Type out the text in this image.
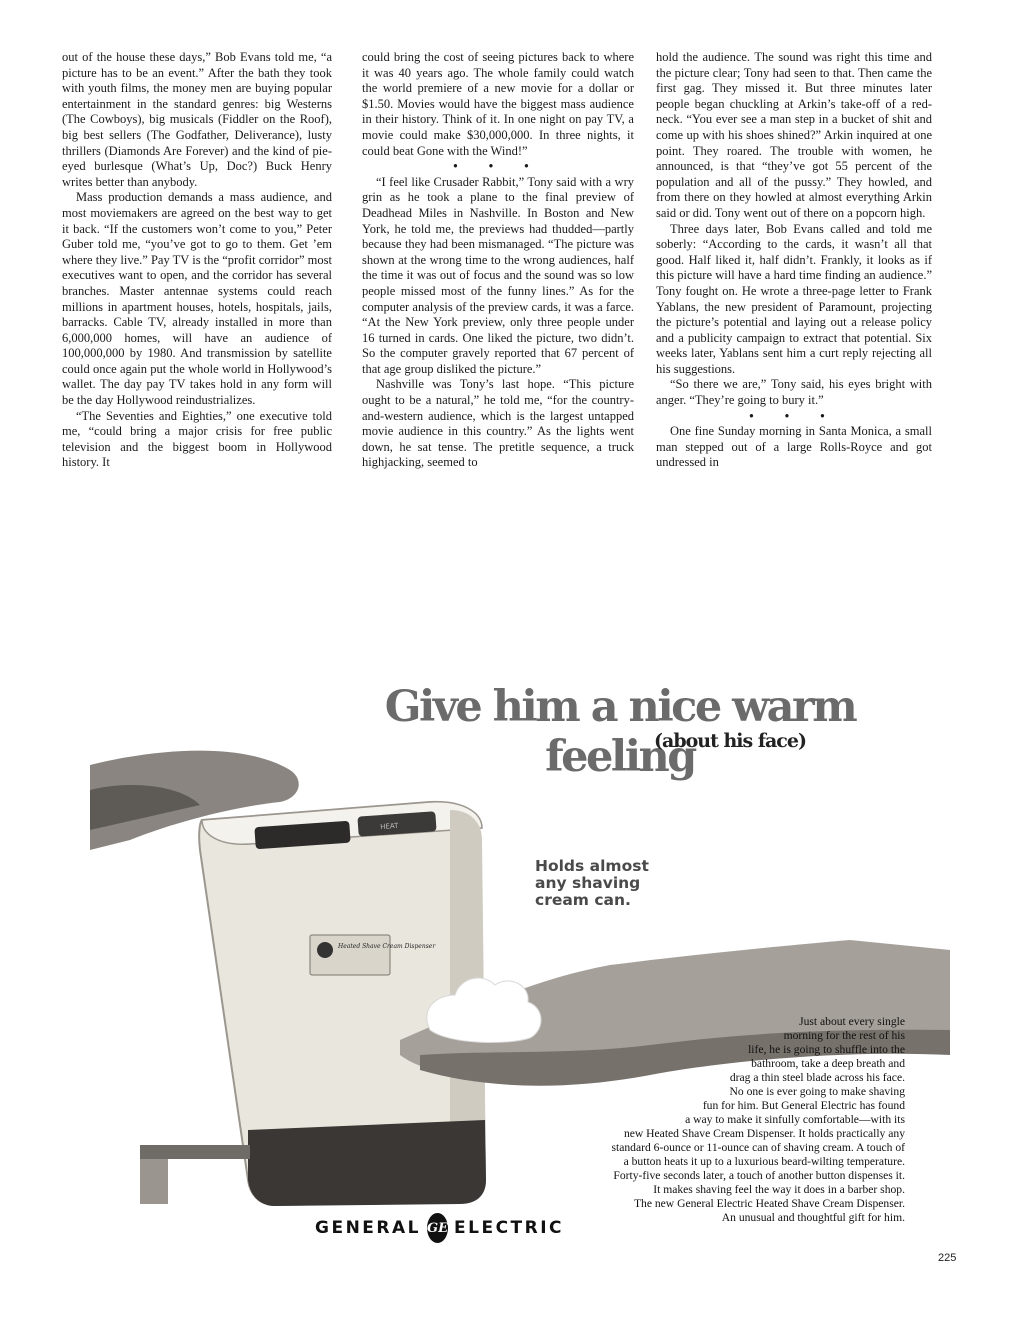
out of the house these days,” Bob Evans told me, “a picture has to be an event.” After the bath they took with youth films, the money men are buying popular entertainment in the standard genres: big Westerns (The Cowboys), big musicals (Fiddler on the Roof), big best sellers (The Godfather, Deliverance), lusty thrillers (Diamonds Are Forever) and the kind of pie-eyed burlesque (What’s Up, Doc?) Buck Henry writes better than anybody.

Mass production demands a mass audience, and most moviemakers are agreed on the best way to get it back. “If the customers won’t come to you,” Peter Guber told me, “you’ve got to go to them. Get ’em where they live.” Pay TV is the “profit corridor” most executives want to open, and the corridor has several branches. Master antennae systems could reach millions in apartment houses, hotels, hospitals, jails, barracks. Cable TV, already installed in more than 6,000,000 homes, will have an audience of 100,000,000 by 1980. And transmission by satellite could once again put the whole world in Hollywood’s wallet. The day pay TV takes hold in any form will be the day Hollywood reindustrializes.

“The Seventies and Eighties,” one executive told me, “could bring a major crisis for free public television and the biggest boom in Hollywood history. It

could bring the cost of seeing pictures back to where it was 40 years ago. The whole family could watch the world premiere of a new movie for a dollar or $1.50. Movies would have the biggest mass audience in their history. Think of it. In one night on pay TV, a movie could make $30,000,000. In three nights, it could beat Gone with the Wind!”

• • •

“I feel like Crusader Rabbit,” Tony said with a wry grin as he took a plane to the final preview of Deadhead Miles in Nashville. In Boston and New York, he told me, the previews had thudded—partly because they had been mismanaged. “The picture was shown at the wrong time to the wrong audiences, half the time it was out of focus and the sound was so low people missed most of the funny lines.” As for the computer analysis of the preview cards, it was a farce. “At the New York preview, only three people under 16 turned in cards. One liked the picture, two didn’t. So the computer gravely reported that 67 percent of that age group disliked the picture.”

Nashville was Tony’s last hope. “This picture ought to be a natural,” he told me, “for the country-and-western audience, which is the largest untapped movie audience in this country.” As the lights went down, he sat tense. The pretitle sequence, a truck highjacking, seemed to

hold the audience. The sound was right this time and the picture clear; Tony had seen to that. Then came the first gag. They missed it. But three minutes later people began chuckling at Arkin’s take-off of a red-neck. “You ever see a man step in a bucket of shit and come up with his shoes shined?” Arkin inquired at one point. They roared. The trouble with women, he announced, is that “they’ve got 55 percent of the population and all of the pussy.” They howled, and from there on they howled at almost everything Arkin said or did. Tony went out of there on a popcorn high.

Three days later, Bob Evans called and told me soberly: “According to the cards, it wasn’t all that good. Half liked it, half didn’t. Frankly, it looks as if this picture will have a hard time finding an audience.” Tony fought on. He wrote a three-page letter to Frank Yablans, the new president of Paramount, projecting the picture’s potential and laying out a release policy and a publicity campaign to extract that potential. Six weeks later, Yablans sent him a curt reply rejecting all his suggestions.

“So there we are,” Tony said, his eyes bright with anger. “They’re going to bury it.”

• • •

One fine Sunday morning in Santa Monica, a small man stepped out of a large Rolls-Royce and got undressed in

HEAT
Heated Shave Cream Dispenser
Give him a nice warm feeling
(about his face)
Holds almost any shaving cream can.
Just about every single
morning for the rest of his
life, he is going to shuffle into the
bathroom, take a deep breath and
drag a thin steel blade across his face.
No one is ever going to make shaving
fun for him. But General Electric has found
a way to make it sinfully comfortable—with its
new Heated Shave Cream Dispenser. It holds practically any
standard 6-ounce or 11-ounce can of shaving cream. A touch of
a button heats it up to a luxurious beard-wilting temperature.
Forty-five seconds later, a touch of another button dispenses it.
It makes shaving feel the way it does in a barber shop.
The new General Electric Heated Shave Cream Dispenser.
An unusual and thoughtful gift for him.
GENERAL GE ELECTRIC
225
